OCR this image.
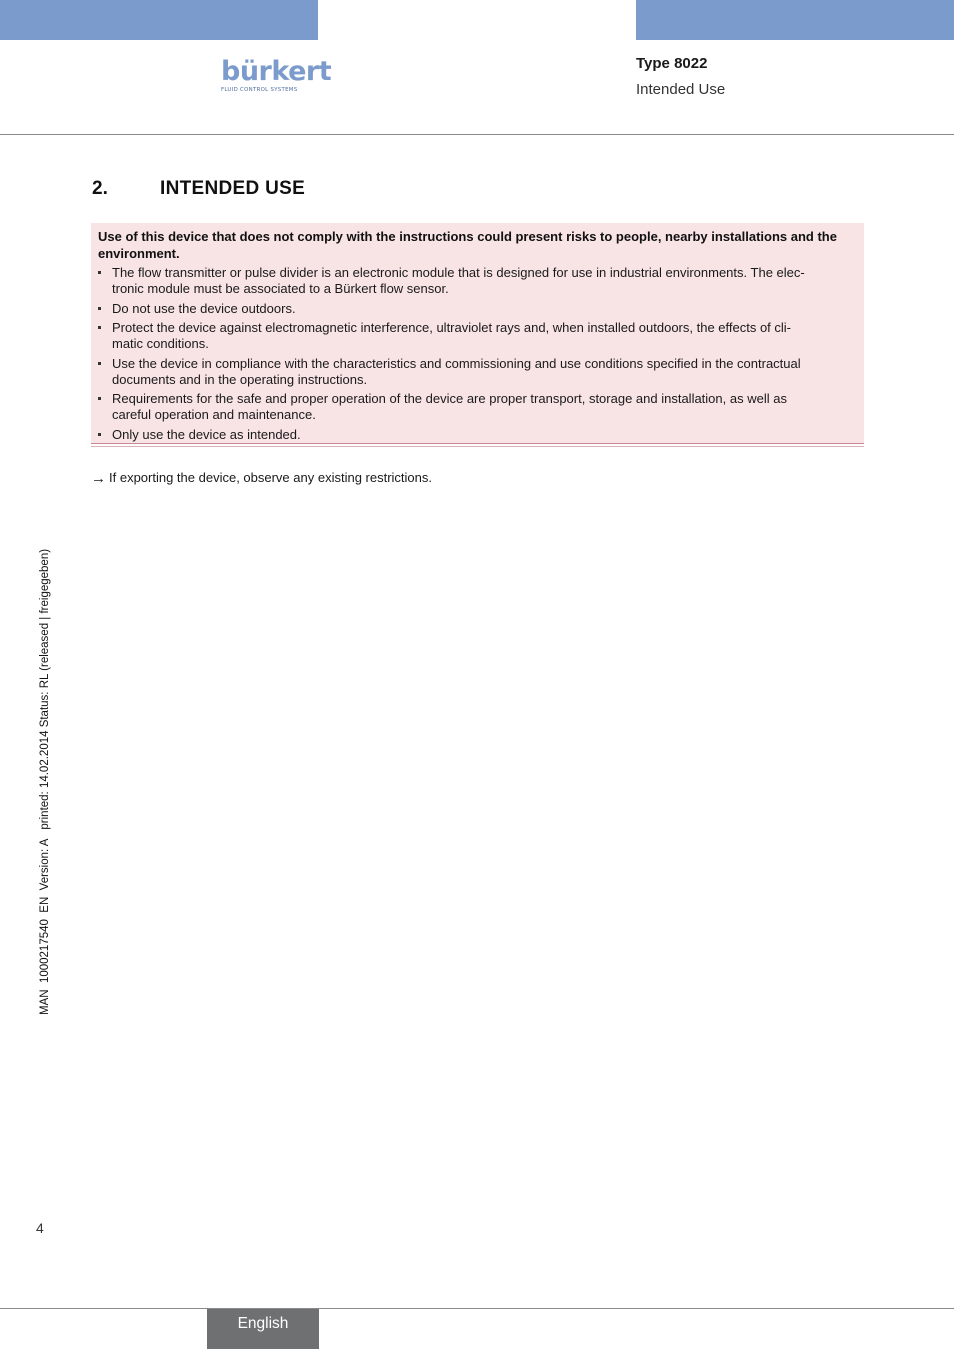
bürkert
FLUID CONTROL SYSTEMS
Type 8022
Intended Use
2.	INTENDED USE
Use of this device that does not comply with the instructions could present risks to people, nearby installations and the environment.
The flow transmitter or pulse divider is an electronic module that is designed for use in industrial environments. The elec-
tronic module must be associated to a Bürkert flow sensor.
Do not use the device outdoors.
Protect the device against electromagnetic interference, ultraviolet rays and, when installed outdoors, the effects of cli-
matic conditions.
Use the device in compliance with the characteristics and commissioning and use conditions specified in the contractual
documents and in the operating instructions.
Requirements for the safe and proper operation of the device are proper transport, storage and installation, as well as
careful operation and maintenance.
Only use the device as intended.
→ If exporting the device, observe any existing restrictions.
MAN  1000217540  EN  Version: A   printed: 14.02.2014 Status: RL (released | freigegeben)
4
English
